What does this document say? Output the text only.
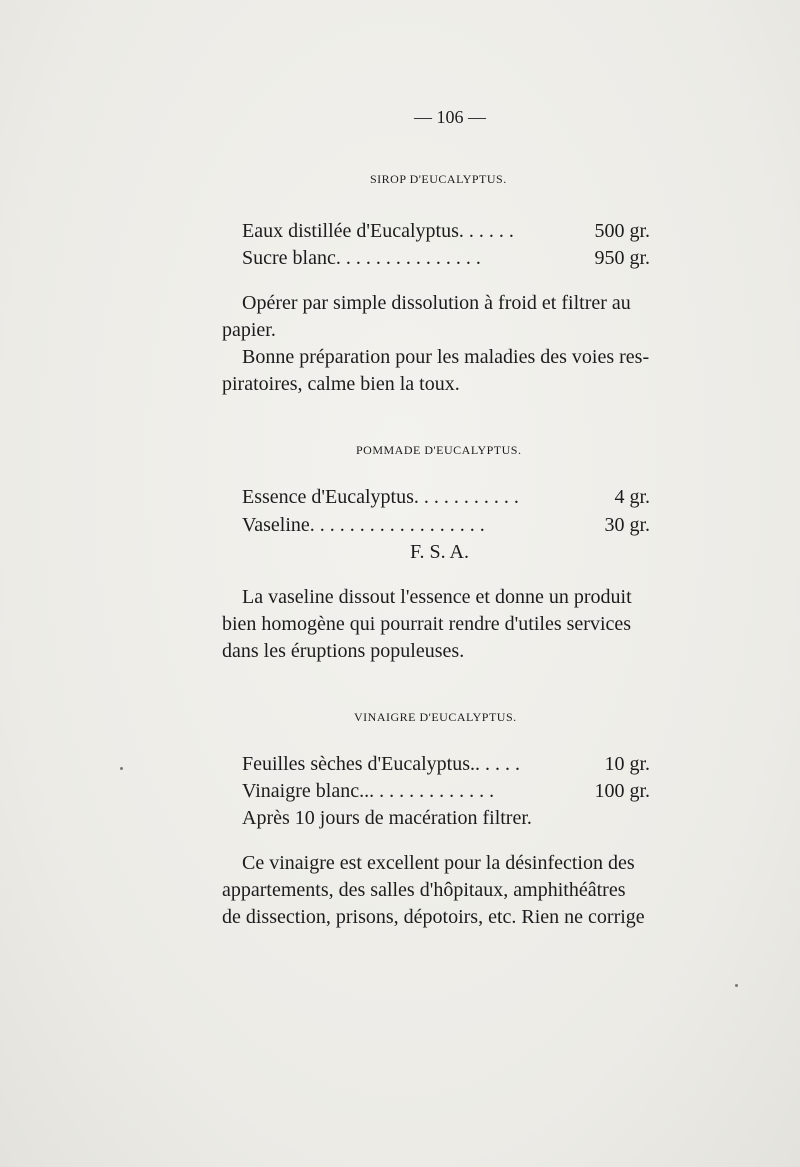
— 106 —
SIROP D'EUCALYPTUS.
Eaux distillée d'Eucalyptus. . . . . .	500 gr.
Sucre blanc. . . . . . . . . . . . . . .	950 gr.
Opérer par simple dissolution à froid et filtrer au
papier.
Bonne préparation pour les maladies des voies res-
piratoires, calme bien la toux.
POMMADE D'EUCALYPTUS.
Essence d'Eucalyptus. . . . . . . . . . .	4 gr.
Vaseline. . . . . . . . . . . . . . . . . .	30 gr.
F. S. A.
La vaseline dissout l'essence et donne un produit
bien homogène qui pourrait rendre d'utiles services
dans les éruptions populeuses.
VINAIGRE D'EUCALYPTUS.
Feuilles sèches d'Eucalyptus.. . . . .	10 gr.
Vinaigre blanc... . . . . . . . . . . . .	100 gr.
Après 10 jours de macération filtrer.
Ce vinaigre est excellent pour la désinfection des
appartements, des salles d'hôpitaux, amphithéâtres
de dissection, prisons, dépotoirs, etc. Rien ne corrige
